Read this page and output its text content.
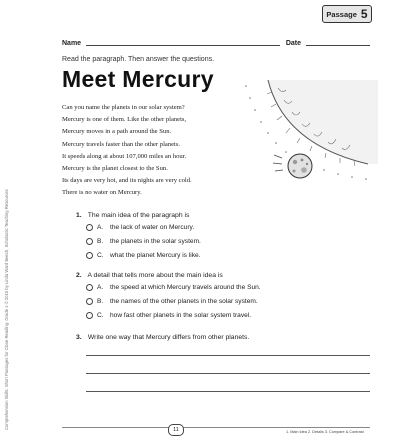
Passage 5
Comprehension Skills: Short Passages for Close Reading: Grade 1 © 2015 by Linda Ward Beech, Scholastic Teaching Resources
Name	Date
Read the paragraph. Then answer the questions.
Meet Mercury
Can you name the planets in our solar system?
Mercury is one of them. Like the other planets,
Mercury moves in a path around the Sun.
Mercury travels faster than the other planets.
It speeds along at about 107,000 miles an hour.
Mercury is the planet closest to the Sun.
Its days are very hot, and its nights are very cold.
There is no water on Mercury.
1. The main idea of the paragraph is
A.	the lack of water on Mercury.
B.	the planets in the solar system.
C. what the planet Mercury is like.
2. A detail that tells more about the main idea is
A.	the speed at which Mercury travels around the Sun.
B.	the names of the other planets in the solar system.
C. how fast other planets in the solar system travel.
3. Write one way that Mercury differs from other planets.
11	1. Main Idea 2. Details 3. Compare & Contrast
